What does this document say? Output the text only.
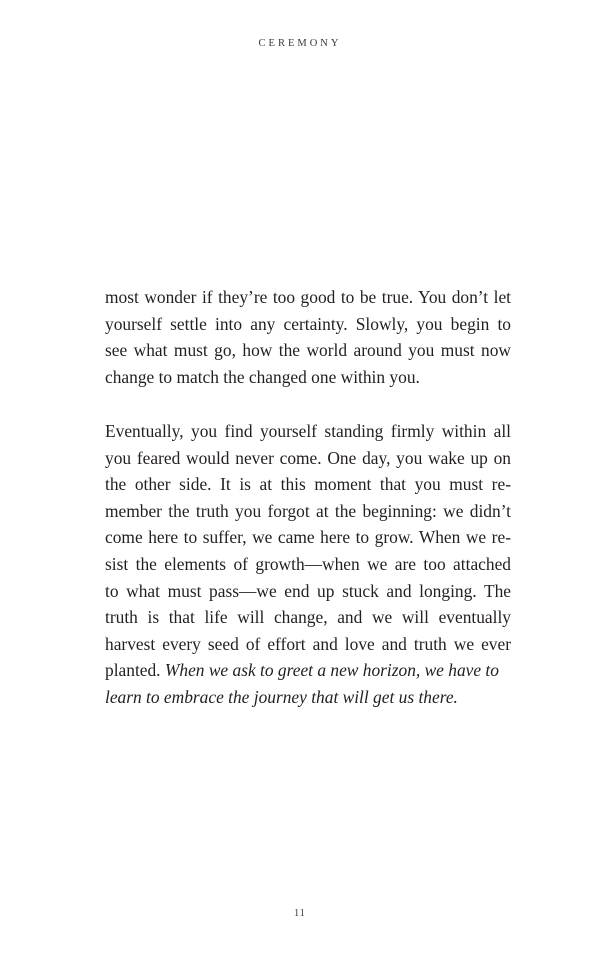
CEREMONY
most wonder if they’re too good to be true. You don’t let
yourself settle into any certainty. Slowly, you begin to
see what must go, how the world around you must now
change to match the changed one within you.
Eventually, you find yourself standing firmly within all
you feared would never come. One day, you wake up on
the other side. It is at this moment that you must re-
member the truth you forgot at the beginning: we didn’t
come here to suffer, we came here to grow. When we re-
sist the elements of growth—when we are too attached
to what must pass—we end up stuck and longing. The
truth is that life will change, and we will eventually
harvest every seed of effort and love and truth we ever
planted. When we ask to greet a new horizon, we have to
learn to embrace the journey that will get us there.
11
